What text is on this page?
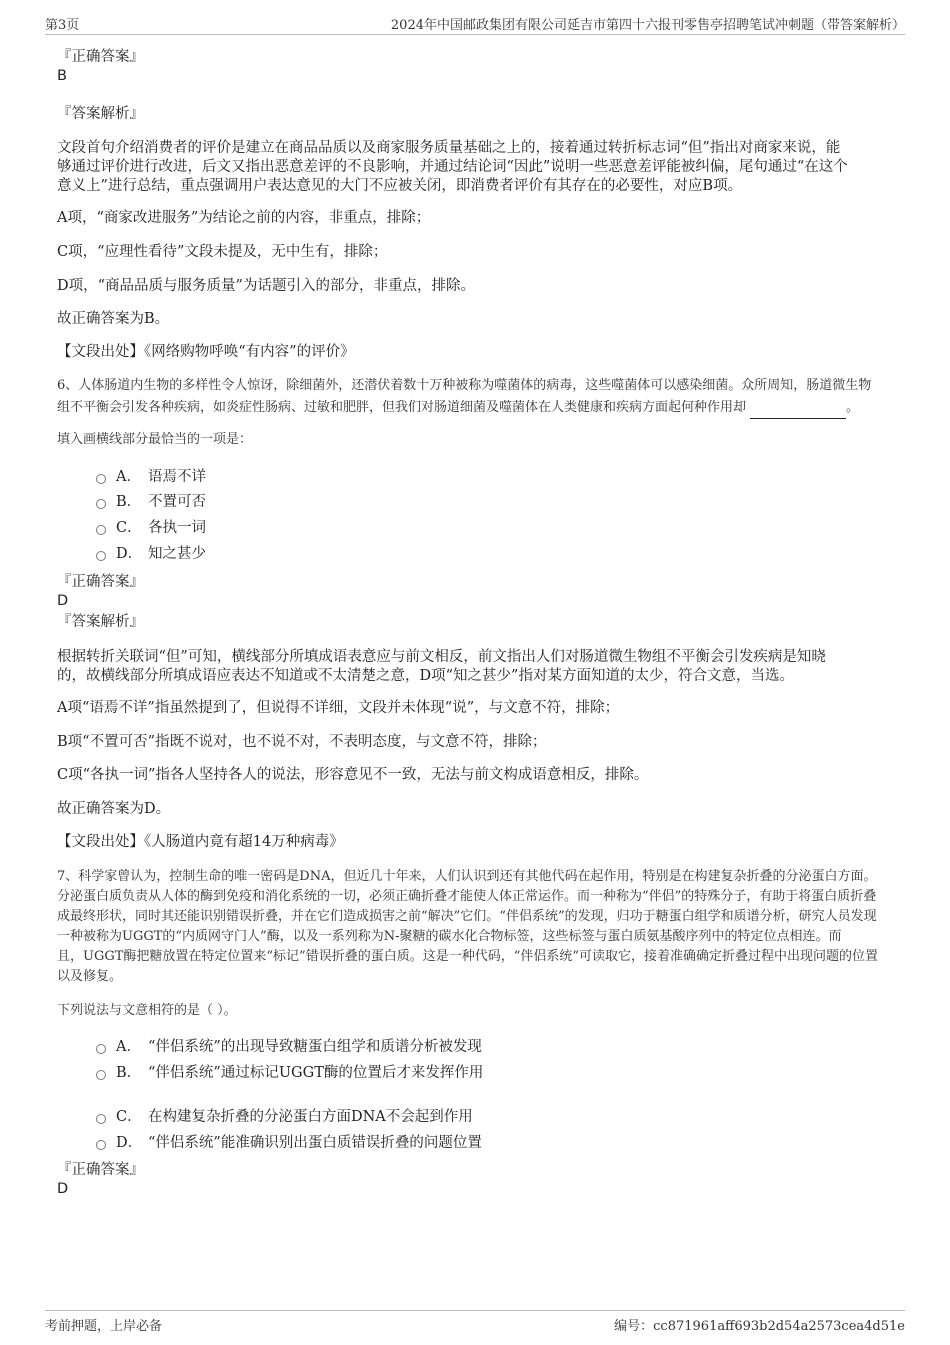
第3页	2024年中国邮政集团有限公司延吉市第四十六报刊零售亭招聘笔试冲刺题（带答案解析）
『正确答案』
B
『答案解析』
文段首句介绍消费者的评价是建立在商品品质以及商家服务质量基础之上的，接着通过转折标志词“但”指出对商家来说，能
够通过评价进行改进，后文又指出恶意差评的不良影响，并通过结论词“因此”说明一些恶意差评能被纠偏，尾句通过“在这个
意义上”进行总结，重点强调用户表达意见的大门不应被关闭，即消费者评价有其存在的必要性，对应B项。
A项，“商家改进服务”为结论之前的内容，非重点，排除；
C项，“应理性看待”文段未提及，无中生有，排除；
D项，“商品品质与服务质量”为话题引入的部分，非重点，排除。
故正确答案为B。
【文段出处】《网络购物呼唤“有内容”的评价》
6、人体肠道内生物的多样性令人惊讶，除细菌外，还潜伏着数十万种被称为噬菌体的病毒，这些噬菌体可以感染细菌。众所周知，肠道微生物
组不平衡会引发各种疾病，如炎症性肠病、过敏和肥胖，但我们对肠道细菌及噬菌体在人类健康和疾病方面起何种作用却	。
填入画横线部分最恰当的一项是：
A． 语焉不详
B． 不置可否
C． 各执一词
D． 知之甚少
『正确答案』
D
『答案解析』
根据转折关联词“但”可知，横线部分所填成语表意应与前文相反，前文指出人们对肠道微生物组不平衡会引发疾病是知晓
的，故横线部分所填成语应表达不知道或不太清楚之意，D项“知之甚少”指对某方面知道的太少，符合文意，当选。
A项“语焉不详”指虽然提到了，但说得不详细，文段并未体现“说”，与文意不符，排除；
B项“不置可否”指既不说对，也不说不对，不表明态度，与文意不符，排除；
C项“各执一词”指各人坚持各人的说法，形容意见不一致，无法与前文构成语意相反，排除。
故正确答案为D。
【文段出处】《人肠道内竟有超14万种病毒》
7、科学家曾认为，控制生命的唯一密码是DNA，但近几十年来，人们认识到还有其他代码在起作用，特别是在构建复杂折叠的分泌蛋白方面。
分泌蛋白质负责从人体的酶到免疫和消化系统的一切，必须正确折叠才能使人体正常运作。而一种称为“伴侣”的特殊分子，有助于将蛋白质折叠
成最终形状，同时其还能识别错误折叠，并在它们造成损害之前“解决”它们。“伴侣系统”的发现，归功于糖蛋白组学和质谱分析，研究人员发现
一种被称为UGGT的“内质网守门人”酶，以及一系列称为N-聚糖的碳水化合物标签，这些标签与蛋白质氨基酸序列中的特定位点相连。而
且，UGGT酶把糖放置在特定位置来“标记”错误折叠的蛋白质。这是一种代码，“伴侣系统”可读取它，接着准确确定折叠过程中出现问题的位置
以及修复。
下列说法与文意相符的是（ ）。
A． “伴侣系统”的出现导致糖蛋白组学和质谱分析被发现
B． “伴侣系统”通过标记UGGT酶的位置后才来发挥作用
C． 在构建复杂折叠的分泌蛋白方面DNA不会起到作用
D． “伴侣系统”能准确识别出蛋白质错误折叠的问题位置
『正确答案』
D
考前押题，上岸必备	编号：cc871961aff693b2d54a2573cea4d51e
